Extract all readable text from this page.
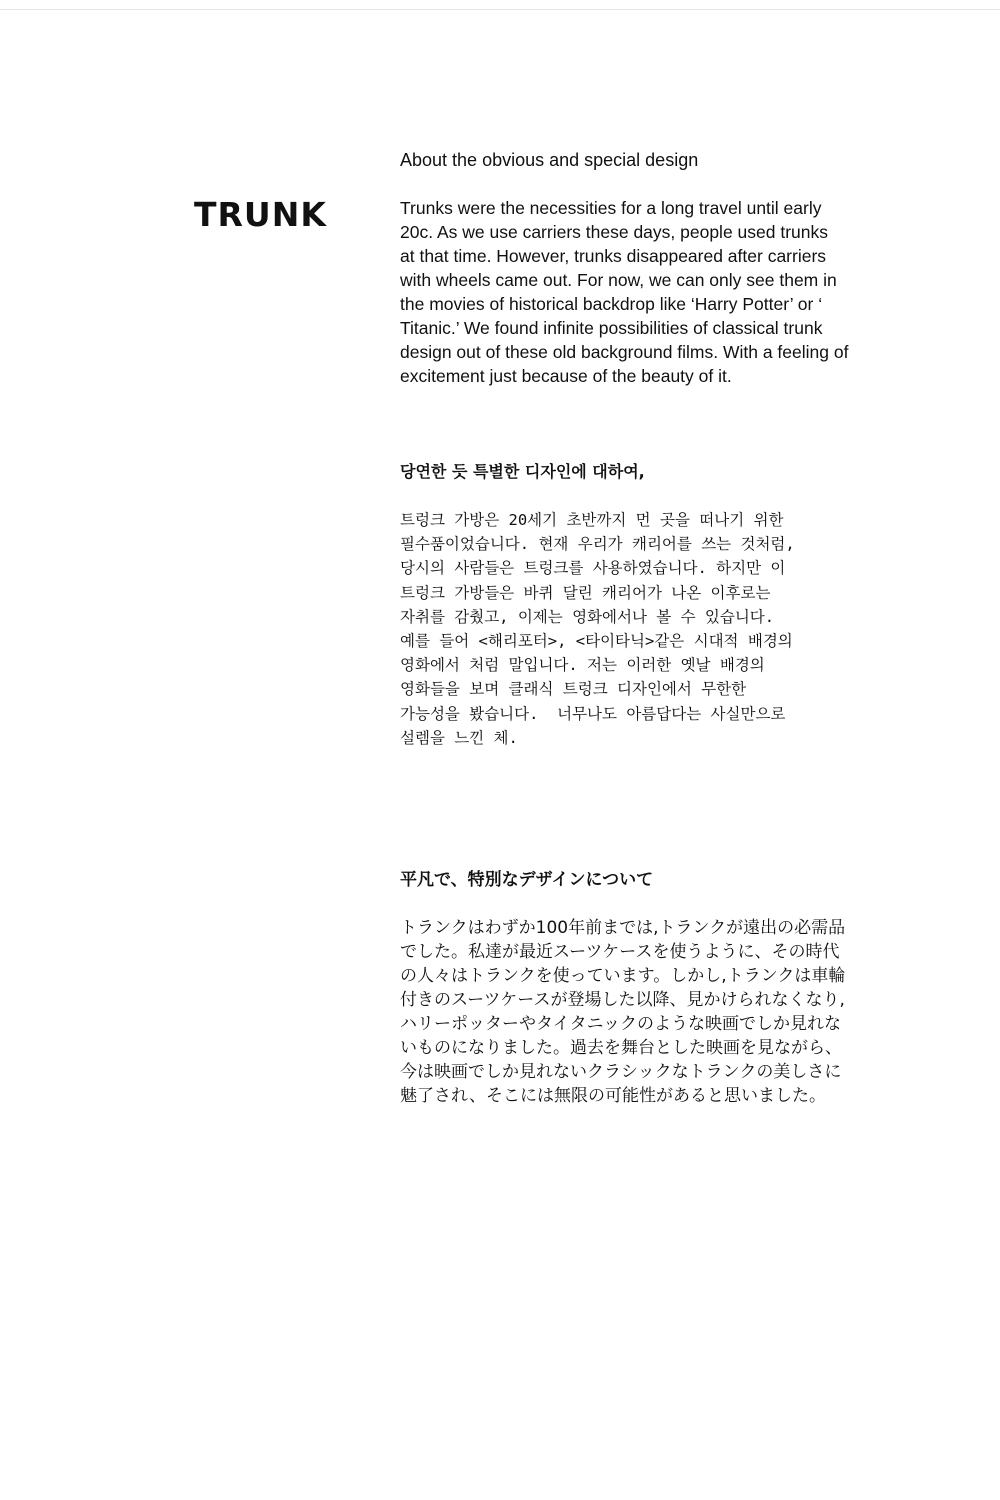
TRUNK
About the obvious and special design

Trunks were the necessities for a long travel until early
20c. As we use carriers these days, people used trunks
at that time. However, trunks disappeared after carriers
with wheels came out. For now, we can only see them in
the movies of historical backdrop like ‘Harry Potter’ or ‘
Titanic.’ We found infinite possibilities of classical trunk
design out of these old background films. With a feeling of
excitement just because of the beauty of it.

당연한 듯 특별한 디자인에 대하여,

트렁크 가방은 20세기 초반까지 먼 곳을 떠나기 위한
필수품이었습니다. 현재 우리가 캐리어를 쓰는 것처럼,
당시의 사람들은 트렁크를 사용하였습니다. 하지만 이
트렁크 가방들은 바퀴 달린 캐리어가 나온 이후로는
자취를 감췄고, 이제는 영화에서나 볼 수 있습니다.
예를 들어 <해리포터>, <타이타닉>같은 시대적 배경의
영화에서 처럼 말입니다. 저는 이러한 옛날 배경의
영화들을 보며 클래식 트렁크 디자인에서 무한한
가능성을 봤습니다.  너무나도 아름답다는 사실만으로
설렘을 느낀 체.

平凡で、特別なデザインについて

トランクはわずか100年前までは,トランクが遠出の必需品
でした。私達が最近スーツケースを使うように、その時代
の人々はトランクを使っています。しかし,トランクは車輪
付きのスーツケースが登場した以降、見かけられなくなり,
ハリーポッターやタイタニックのような映画でしか見れな
いものになりました。過去を舞台とした映画を見ながら、
今は映画でしか見れないクラシックなトランクの美しさに
魅了され、そこには無限の可能性があると思いました。
